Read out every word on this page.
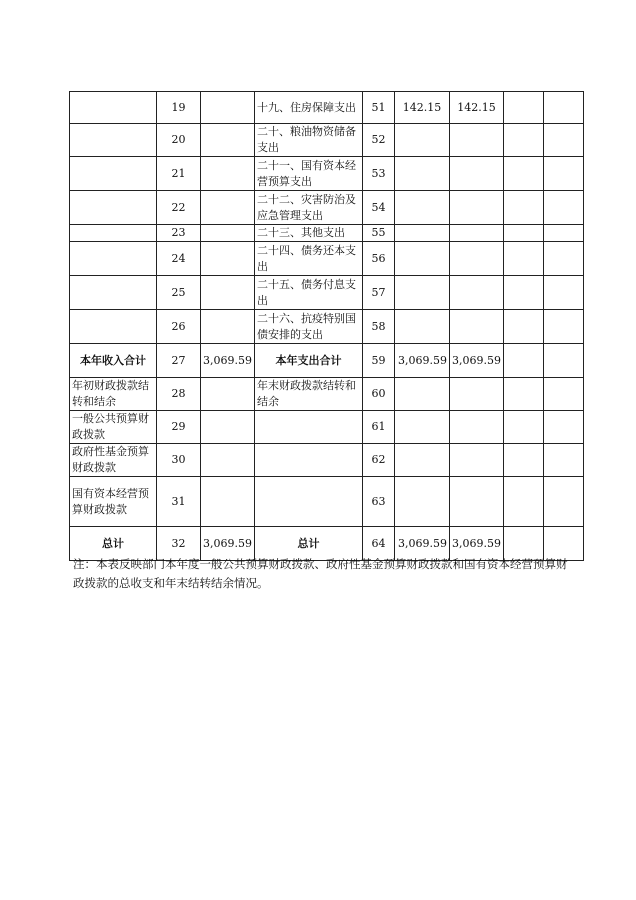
	19		十九、住房保障支出	51	142.15	142.15		
	20		二十、粮油物资储备支出	52				
	21		二十一、国有资本经营预算支出	53				
	22		二十二、灾害防治及应急管理支出	54				
	23		二十三、其他支出	55				
	24		二十四、债务还本支出	56				
	25		二十五、债务付息支出	57				
	26		二十六、抗疫特别国债安排的支出	58				
本年收入合计	27	3,069.59	本年支出合计	59	3,069.59	3,069.59		
年初财政拨款结转和结余	28		年末财政拨款结转和结余	60				
一般公共预算财政拨款	29			61				
政府性基金预算财政拨款	30			62				
国有资本经营预算财政拨款	31			63				
总计	32	3,069.59	总计	64	3,069.59	3,069.59		
注：本表反映部门本年度一般公共预算财政拨款、政府性基金预算财政拨款和国有资本经营预算财政拨款的总收支和年末结转结余情况。
